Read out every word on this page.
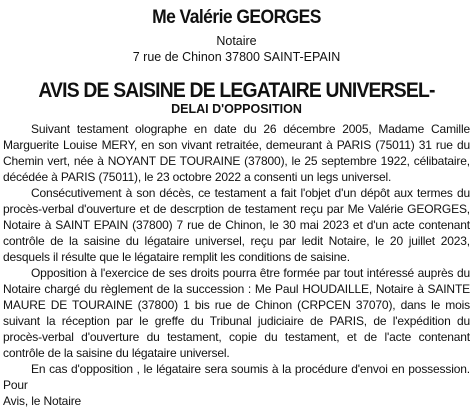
Me Valérie GEORGES
Notaire
7 rue de Chinon 37800 SAINT-EPAIN
AVIS DE SAISINE DE LEGATAIRE UNIVERSEL-
DELAI D'OPPOSITION

Suivant testament olographe en date du 26 décembre 2005, Madame Camille Marguerite Louise MERY, en son vivant retraitée, demeurant à PARIS (75011) 31 rue du Chemin vert, née à NOYANT DE TOURAINE (37800), le 25 septembre 1922, célibataire, décédée à PARIS (75011), le 23 octobre 2022 a consenti un legs universel.

Consécutivement à son décès, ce testament a fait l'objet d'un dépôt aux termes du procès-verbal d'ouverture et de descrption de testament reçu par Me Valérie GEORGES, Notaire à SAINT EPAIN (37800) 7 rue de Chinon, le 30 mai 2023 et d'un acte contenant contrôle de la saisine du légataire universel, reçu par ledit Notaire, le 20 juillet 2023, desquels il résulte que le légataire remplit les conditions de saisine.

Opposition à l'exercice de ses droits pourra être formée par tout intéressé auprès du Notaire chargé du règlement de la succession : Me Paul HOUDAILLE, Notaire à SAINTE MAURE DE TOURAINE (37800) 1 bis rue de Chinon (CRPCEN 37070), dans le mois suivant la réception par le greffe du Tribunal judiciaire de PARIS, de l'expédition du procès-verbal d'ouverture du testament, copie du testament, et de l'acte contenant contrôle de la saisine du légataire universel.

En cas d'opposition , le légataire sera soumis à la procédure d'envoi en possession. Pour

Avis, le Notaire
